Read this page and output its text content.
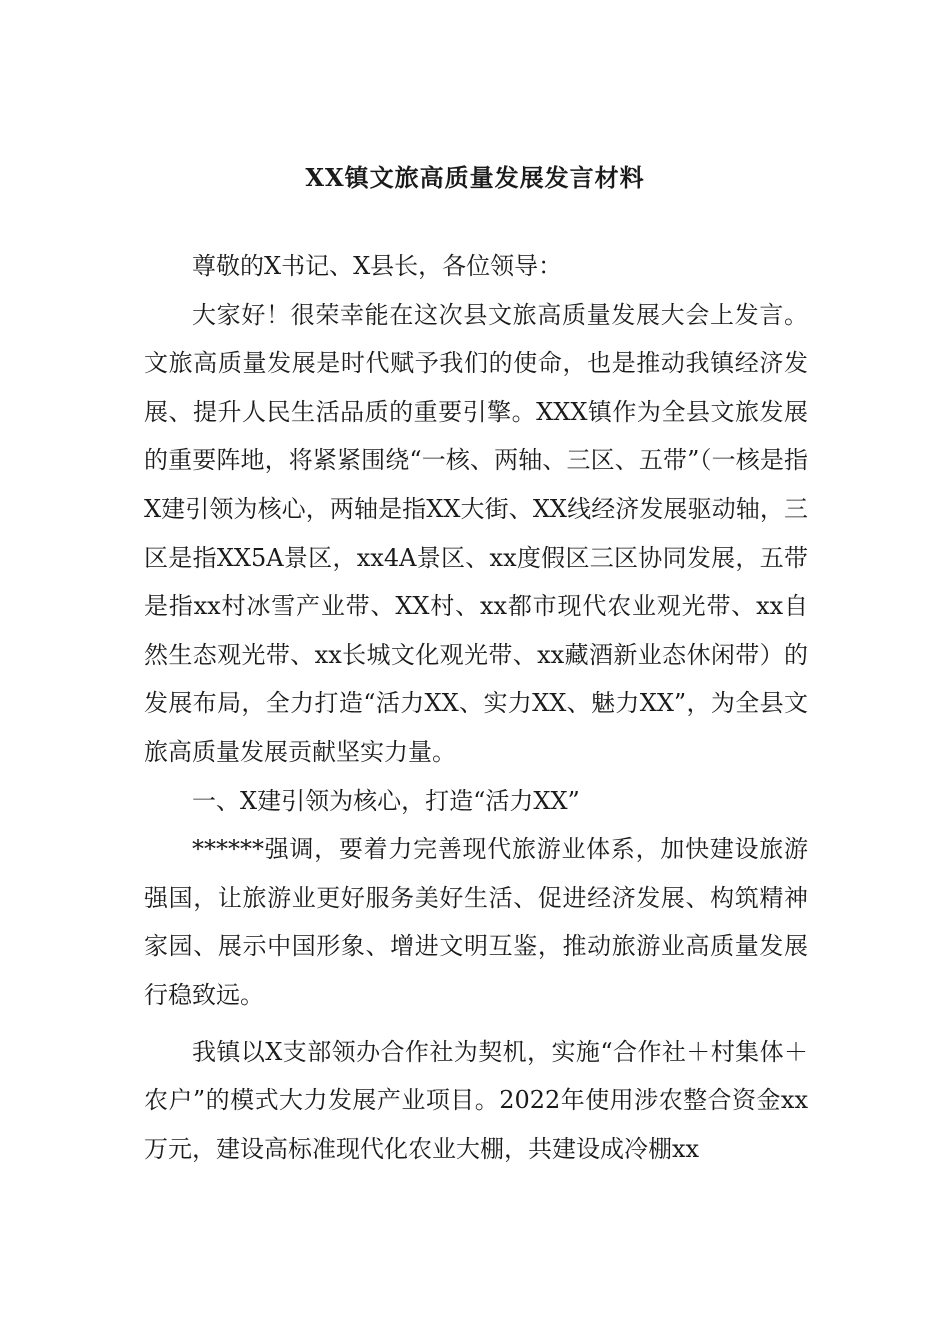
XX镇文旅高质量发展发言材料

尊敬的X书记、X县长，各位领导：

大家好！很荣幸能在这次县文旅高质量发展大会上发言。文旅高质量发展是时代赋予我们的使命，也是推动我镇经济发展、提升人民生活品质的重要引擎。XXX镇作为全县文旅发展的重要阵地，将紧紧围绕“一核、两轴、三区、五带”（一核是指X建引领为核心，两轴是指XX大街、XX线经济发展驱动轴，三区是指XX5A景区，xx4A景区、xx度假区三区协同发展，五带是指xx村冰雪产业带、XX村、xx都市现代农业观光带、xx自然生态观光带、xx长城文化观光带、xx藏酒新业态休闲带）的发展布局，全力打造“活力XX、实力XX、魅力XX”，为全县文旅高质量发展贡献坚实力量。

一、X建引领为核心，打造“活力XX”

******强调，要着力完善现代旅游业体系，加快建设旅游强国，让旅游业更好服务美好生活、促进经济发展、构筑精神家园、展示中国形象、增进文明互鉴，推动旅游业高质量发展行稳致远。

我镇以X支部领办合作社为契机，实施“合作社＋村集体＋农户”的模式大力发展产业项目。2022年使用涉农整合资金xx万元，建设高标准现代化农业大棚，共建设成冷棚xx
